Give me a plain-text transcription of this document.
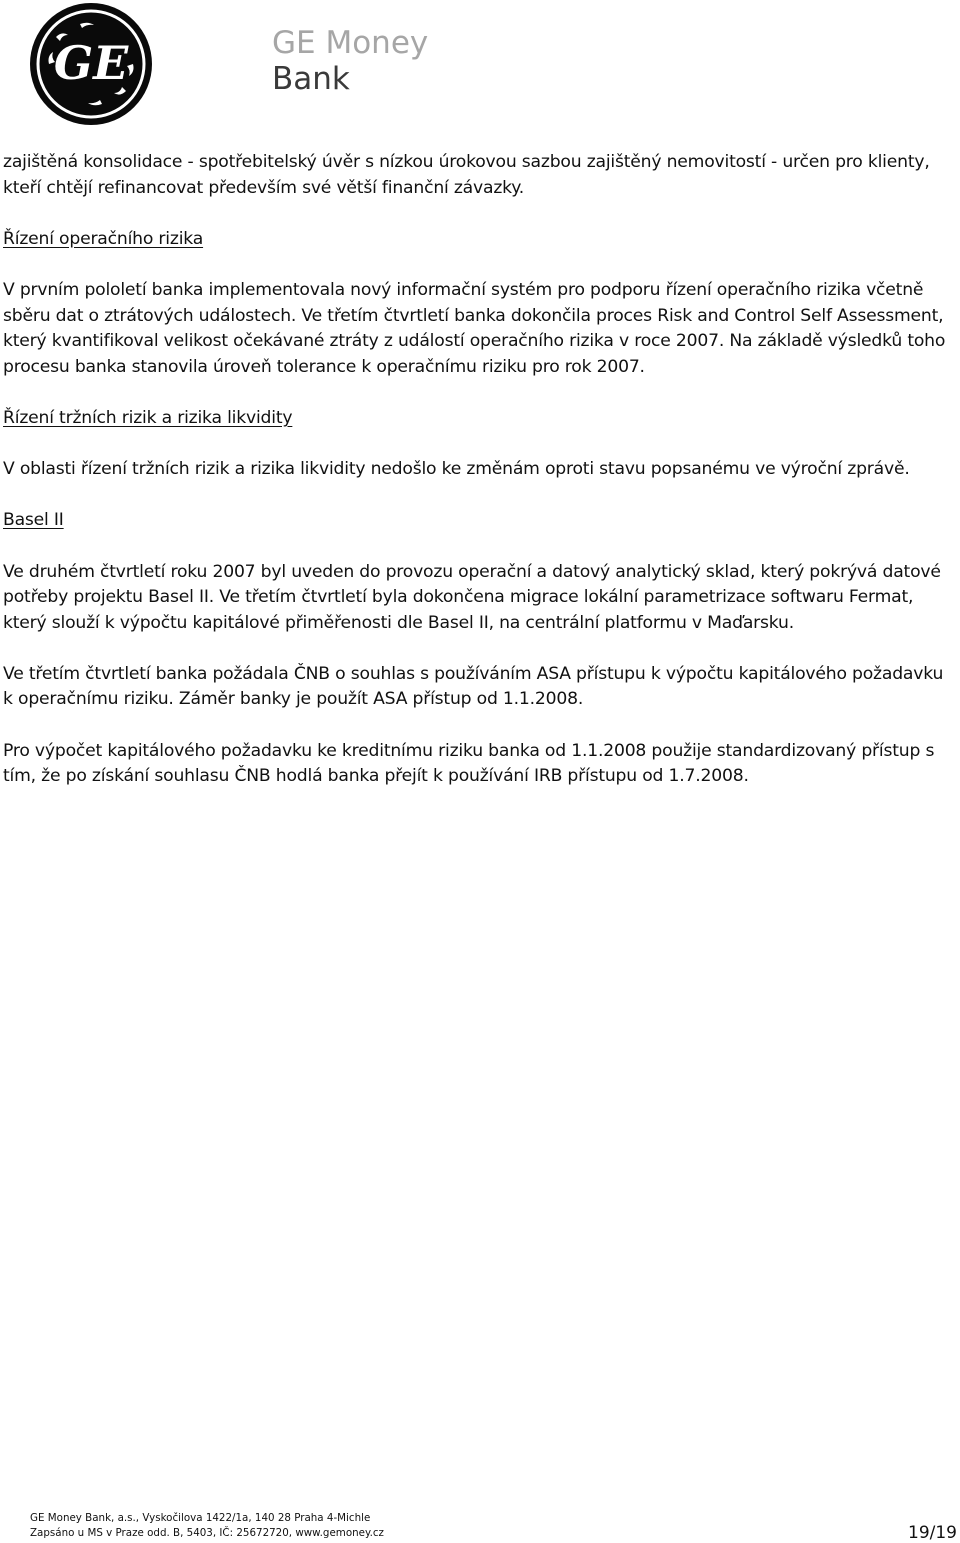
GE	GE Money
Bank

zajištěná konsolidace - spotřebitelský úvěr s nízkou úrokovou sazbou zajištěný nemovitostí - určen pro klienty, kteří chtějí refinancovat především své větší finanční závazky.

Řízení operačního rizika

V prvním pololetí banka implementovala nový informační systém pro podporu řízení operačního rizika včetně sběru dat o ztrátových událostech. Ve třetím čtvrtletí banka dokončila proces Risk and Control Self Assessment, který kvantifikoval velikost očekávané ztráty z událostí operačního rizika v roce 2007. Na základě výsledků toho procesu banka stanovila úroveň tolerance k operačnímu riziku pro rok 2007.

Řízení tržních rizik a rizika likvidity

V oblasti řízení tržních rizik a rizika likvidity nedošlo ke změnám oproti stavu popsanému ve výroční zprávě.

Basel II

Ve druhém čtvrtletí roku 2007 byl uveden do provozu operační a datový analytický sklad, který pokrývá datové potřeby projektu Basel II. Ve třetím čtvrtletí byla dokončena migrace lokální parametrizace softwaru Fermat, který slouží k výpočtu kapitálové přiměřenosti dle Basel II, na centrální platformu v Maďarsku.

Ve třetím čtvrtletí banka požádala ČNB o souhlas s používáním ASA přístupu k výpočtu kapitálového požadavku k operačnímu riziku. Záměr banky je použít ASA přístup od 1.1.2008.

Pro výpočet kapitálového požadavku ke kreditnímu riziku banka od 1.1.2008 použije standardizovaný přístup s tím, že po získání souhlasu ČNB hodlá banka přejít k používání IRB přístupu od 1.7.2008.

GE Money Bank, a.s., Vyskočilova 1422/1a, 140 28 Praha 4-Michle
Zapsáno u MS v Praze odd. B, 5403, IČ: 25672720, www.gemoney.cz	19/19
